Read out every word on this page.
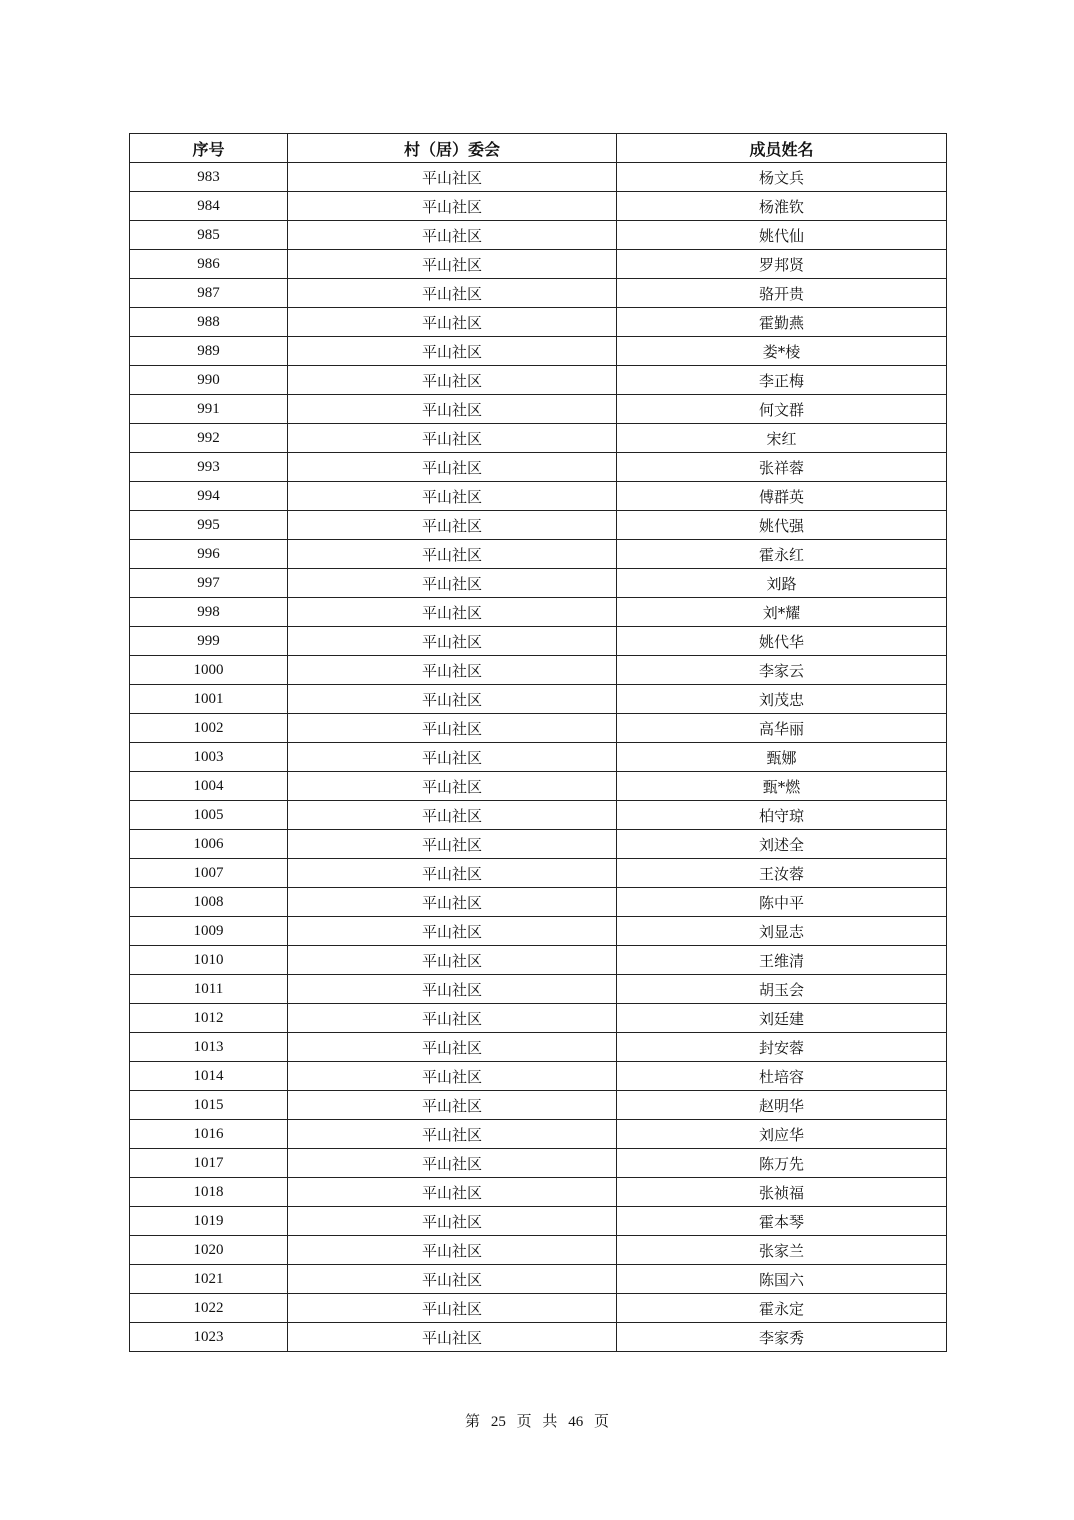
序号	村（居）委会	成员姓名
983	平山社区	杨文兵
984	平山社区	杨淮钦
985	平山社区	姚代仙
986	平山社区	罗邦贤
987	平山社区	骆开贵
988	平山社区	霍勤燕
989	平山社区	娄*棱
990	平山社区	李正梅
991	平山社区	何文群
992	平山社区	宋红
993	平山社区	张祥蓉
994	平山社区	傅群英
995	平山社区	姚代强
996	平山社区	霍永红
997	平山社区	刘路
998	平山社区	刘*耀
999	平山社区	姚代华
1000	平山社区	李家云
1001	平山社区	刘茂忠
1002	平山社区	高华丽
1003	平山社区	甄娜
1004	平山社区	甄*燃
1005	平山社区	柏守琼
1006	平山社区	刘述全
1007	平山社区	王汝蓉
1008	平山社区	陈中平
1009	平山社区	刘显志
1010	平山社区	王维清
1011	平山社区	胡玉会
1012	平山社区	刘廷建
1013	平山社区	封安蓉
1014	平山社区	杜培容
1015	平山社区	赵明华
1016	平山社区	刘应华
1017	平山社区	陈万先
1018	平山社区	张祯福
1019	平山社区	霍本琴
1020	平山社区	张家兰
1021	平山社区	陈国六
1022	平山社区	霍永定
1023	平山社区	李家秀
第 25 页 共 46 页
